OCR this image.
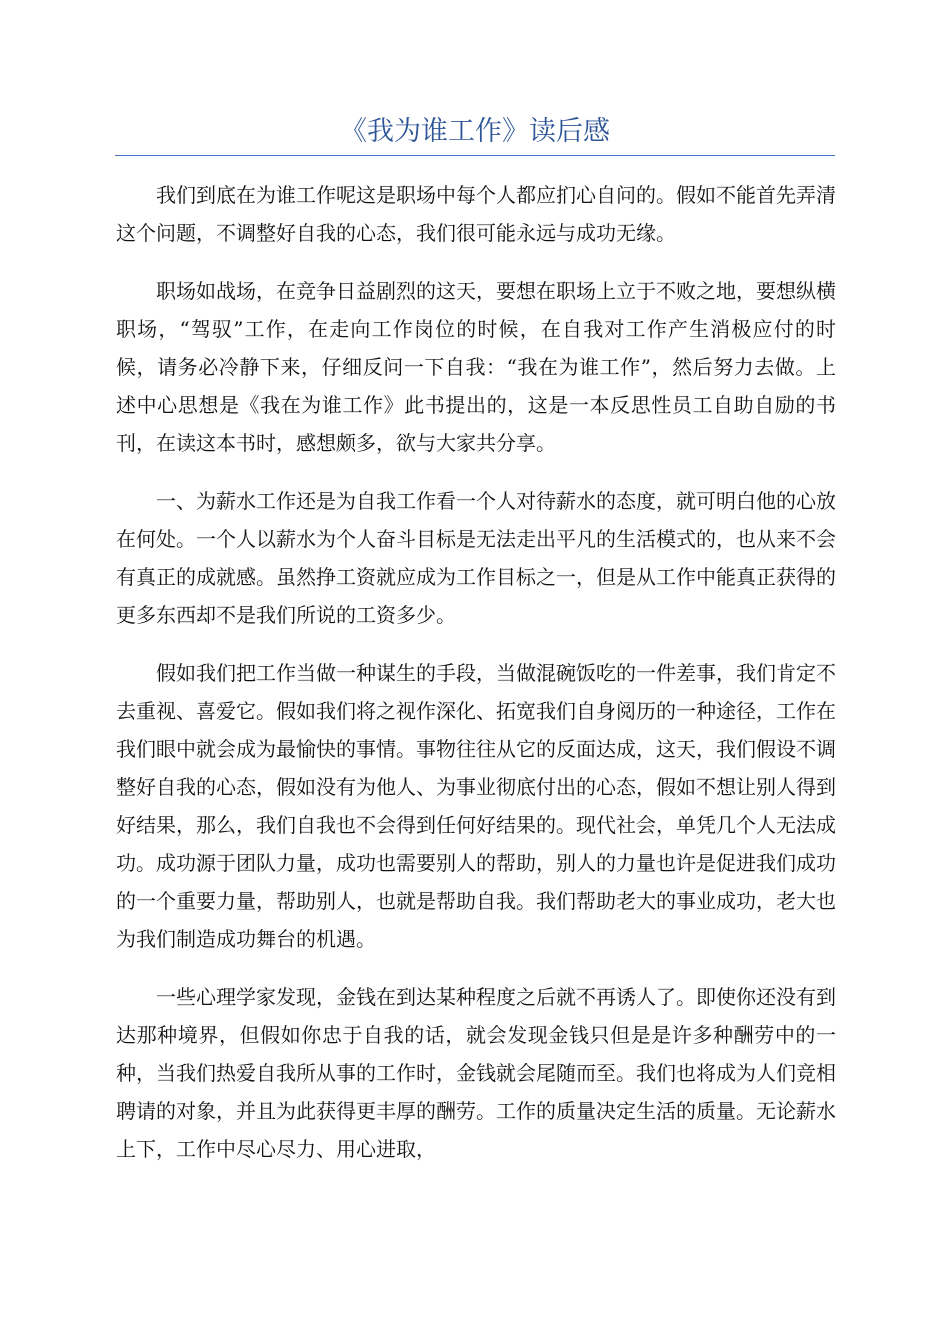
《我为谁工作》读后感

我们到底在为谁工作呢这是职场中每个人都应扪心自问的。假如不能首先弄清这个问题，不调整好自我的心态，我们很可能永远与成功无缘。

职场如战场，在竞争日益剧烈的这天，要想在职场上立于不败之地，要想纵横职场，“驾驭”工作，在走向工作岗位的时候，在自我对工作产生消极应付的时候，请务必冷静下来，仔细反问一下自我：“我在为谁工作”，然后努力去做。上述中心思想是《我在为谁工作》此书提出的，这是一本反思性员工自助自励的书刊，在读这本书时，感想颇多，欲与大家共分享。

一、为薪水工作还是为自我工作看一个人对待薪水的态度，就可明白他的心放在何处。一个人以薪水为个人奋斗目标是无法走出平凡的生活模式的，也从来不会有真正的成就感。虽然挣工资就应成为工作目标之一，但是从工作中能真正获得的更多东西却不是我们所说的工资多少。

假如我们把工作当做一种谋生的手段，当做混碗饭吃的一件差事，我们肯定不去重视、喜爱它。假如我们将之视作深化、拓宽我们自身阅历的一种途径，工作在我们眼中就会成为最愉快的事情。事物往往从它的反面达成，这天，我们假设不调整好自我的心态，假如没有为他人、为事业彻底付出的心态，假如不想让别人得到好结果，那么，我们自我也不会得到任何好结果的。现代社会，单凭几个人无法成功。成功源于团队力量，成功也需要别人的帮助，别人的力量也许是促进我们成功的一个重要力量，帮助别人，也就是帮助自我。我们帮助老大的事业成功，老大也为我们制造成功舞台的机遇。

一些心理学家发现，金钱在到达某种程度之后就不再诱人了。即使你还没有到达那种境界，但假如你忠于自我的话，就会发现金钱只但是是许多种酬劳中的一种，当我们热爱自我所从事的工作时，金钱就会尾随而至。我们也将成为人们竞相聘请的对象，并且为此获得更丰厚的酬劳。工作的质量决定生活的质量。无论薪水上下，工作中尽心尽力、用心进取，
